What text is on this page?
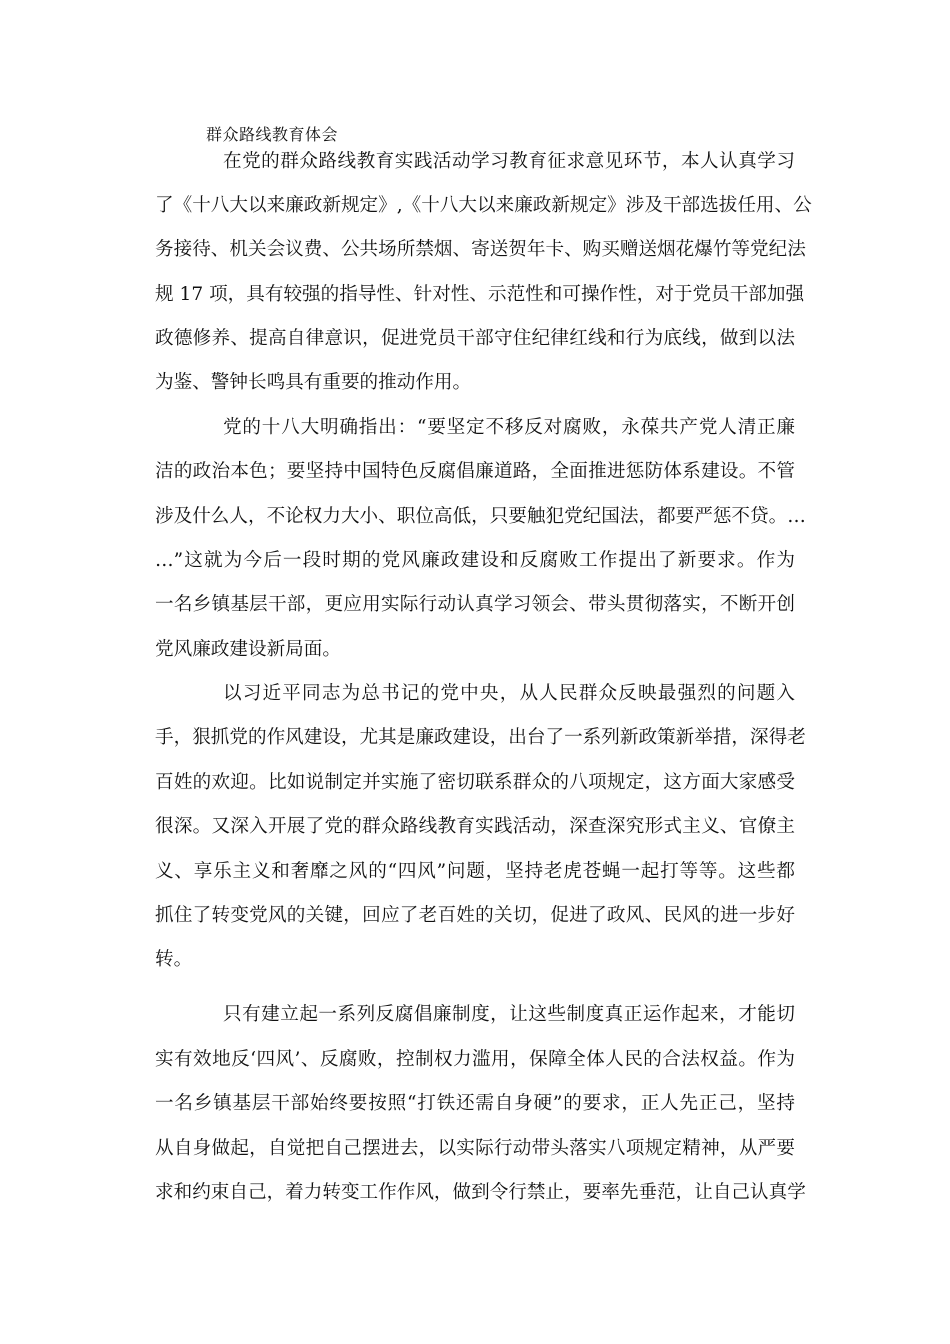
群众路线教育体会
在党的群众路线教育实践活动学习教育征求意见环节，本人认真学习
了《十八大以来廉政新规定》,《十八大以来廉政新规定》涉及干部选拔任用、公
务接待、机关会议费、公共场所禁烟、寄送贺年卡、购买赠送烟花爆竹等党纪法
规 17 项，具有较强的指导性、针对性、示范性和可操作性，对于党员干部加强
政德修养、提高自律意识，促进党员干部守住纪律红线和行为底线，做到以法
为鉴、警钟长鸣具有重要的推动作用。
党的十八大明确指出：“要坚定不移反对腐败，永葆共产党人清正廉
洁的政治本色；要坚持中国特色反腐倡廉道路，全面推进惩防体系建设。不管
涉及什么人，不论权力大小、职位高低，只要触犯党纪国法，都要严惩不贷。…
…”这就为今后一段时期的党风廉政建设和反腐败工作提出了新要求。作为
一名乡镇基层干部，更应用实际行动认真学习领会、带头贯彻落实，不断开创
党风廉政建设新局面。
以习近平同志为总书记的党中央，从人民群众反映最强烈的问题入
手，狠抓党的作风建设，尤其是廉政建设，出台了一系列新政策新举措，深得老
百姓的欢迎。比如说制定并实施了密切联系群众的八项规定，这方面大家感受
很深。又深入开展了党的群众路线教育实践活动，深查深究形式主义、官僚主
义、享乐主义和奢靡之风的“四风”问题，坚持老虎苍蝇一起打等等。这些都
抓住了转变党风的关键，回应了老百姓的关切，促进了政风、民风的进一步好
转。
只有建立起一系列反腐倡廉制度，让这些制度真正运作起来，才能切
实有效地反‘四风’、反腐败，控制权力滥用，保障全体人民的合法权益。作为
一名乡镇基层干部始终要按照“打铁还需自身硬”的要求，正人先正己，坚持
从自身做起，自觉把自己摆进去，以实际行动带头落实八项规定精神，从严要
求和约束自己，着力转变工作作风，做到令行禁止，要率先垂范，让自己认真学
